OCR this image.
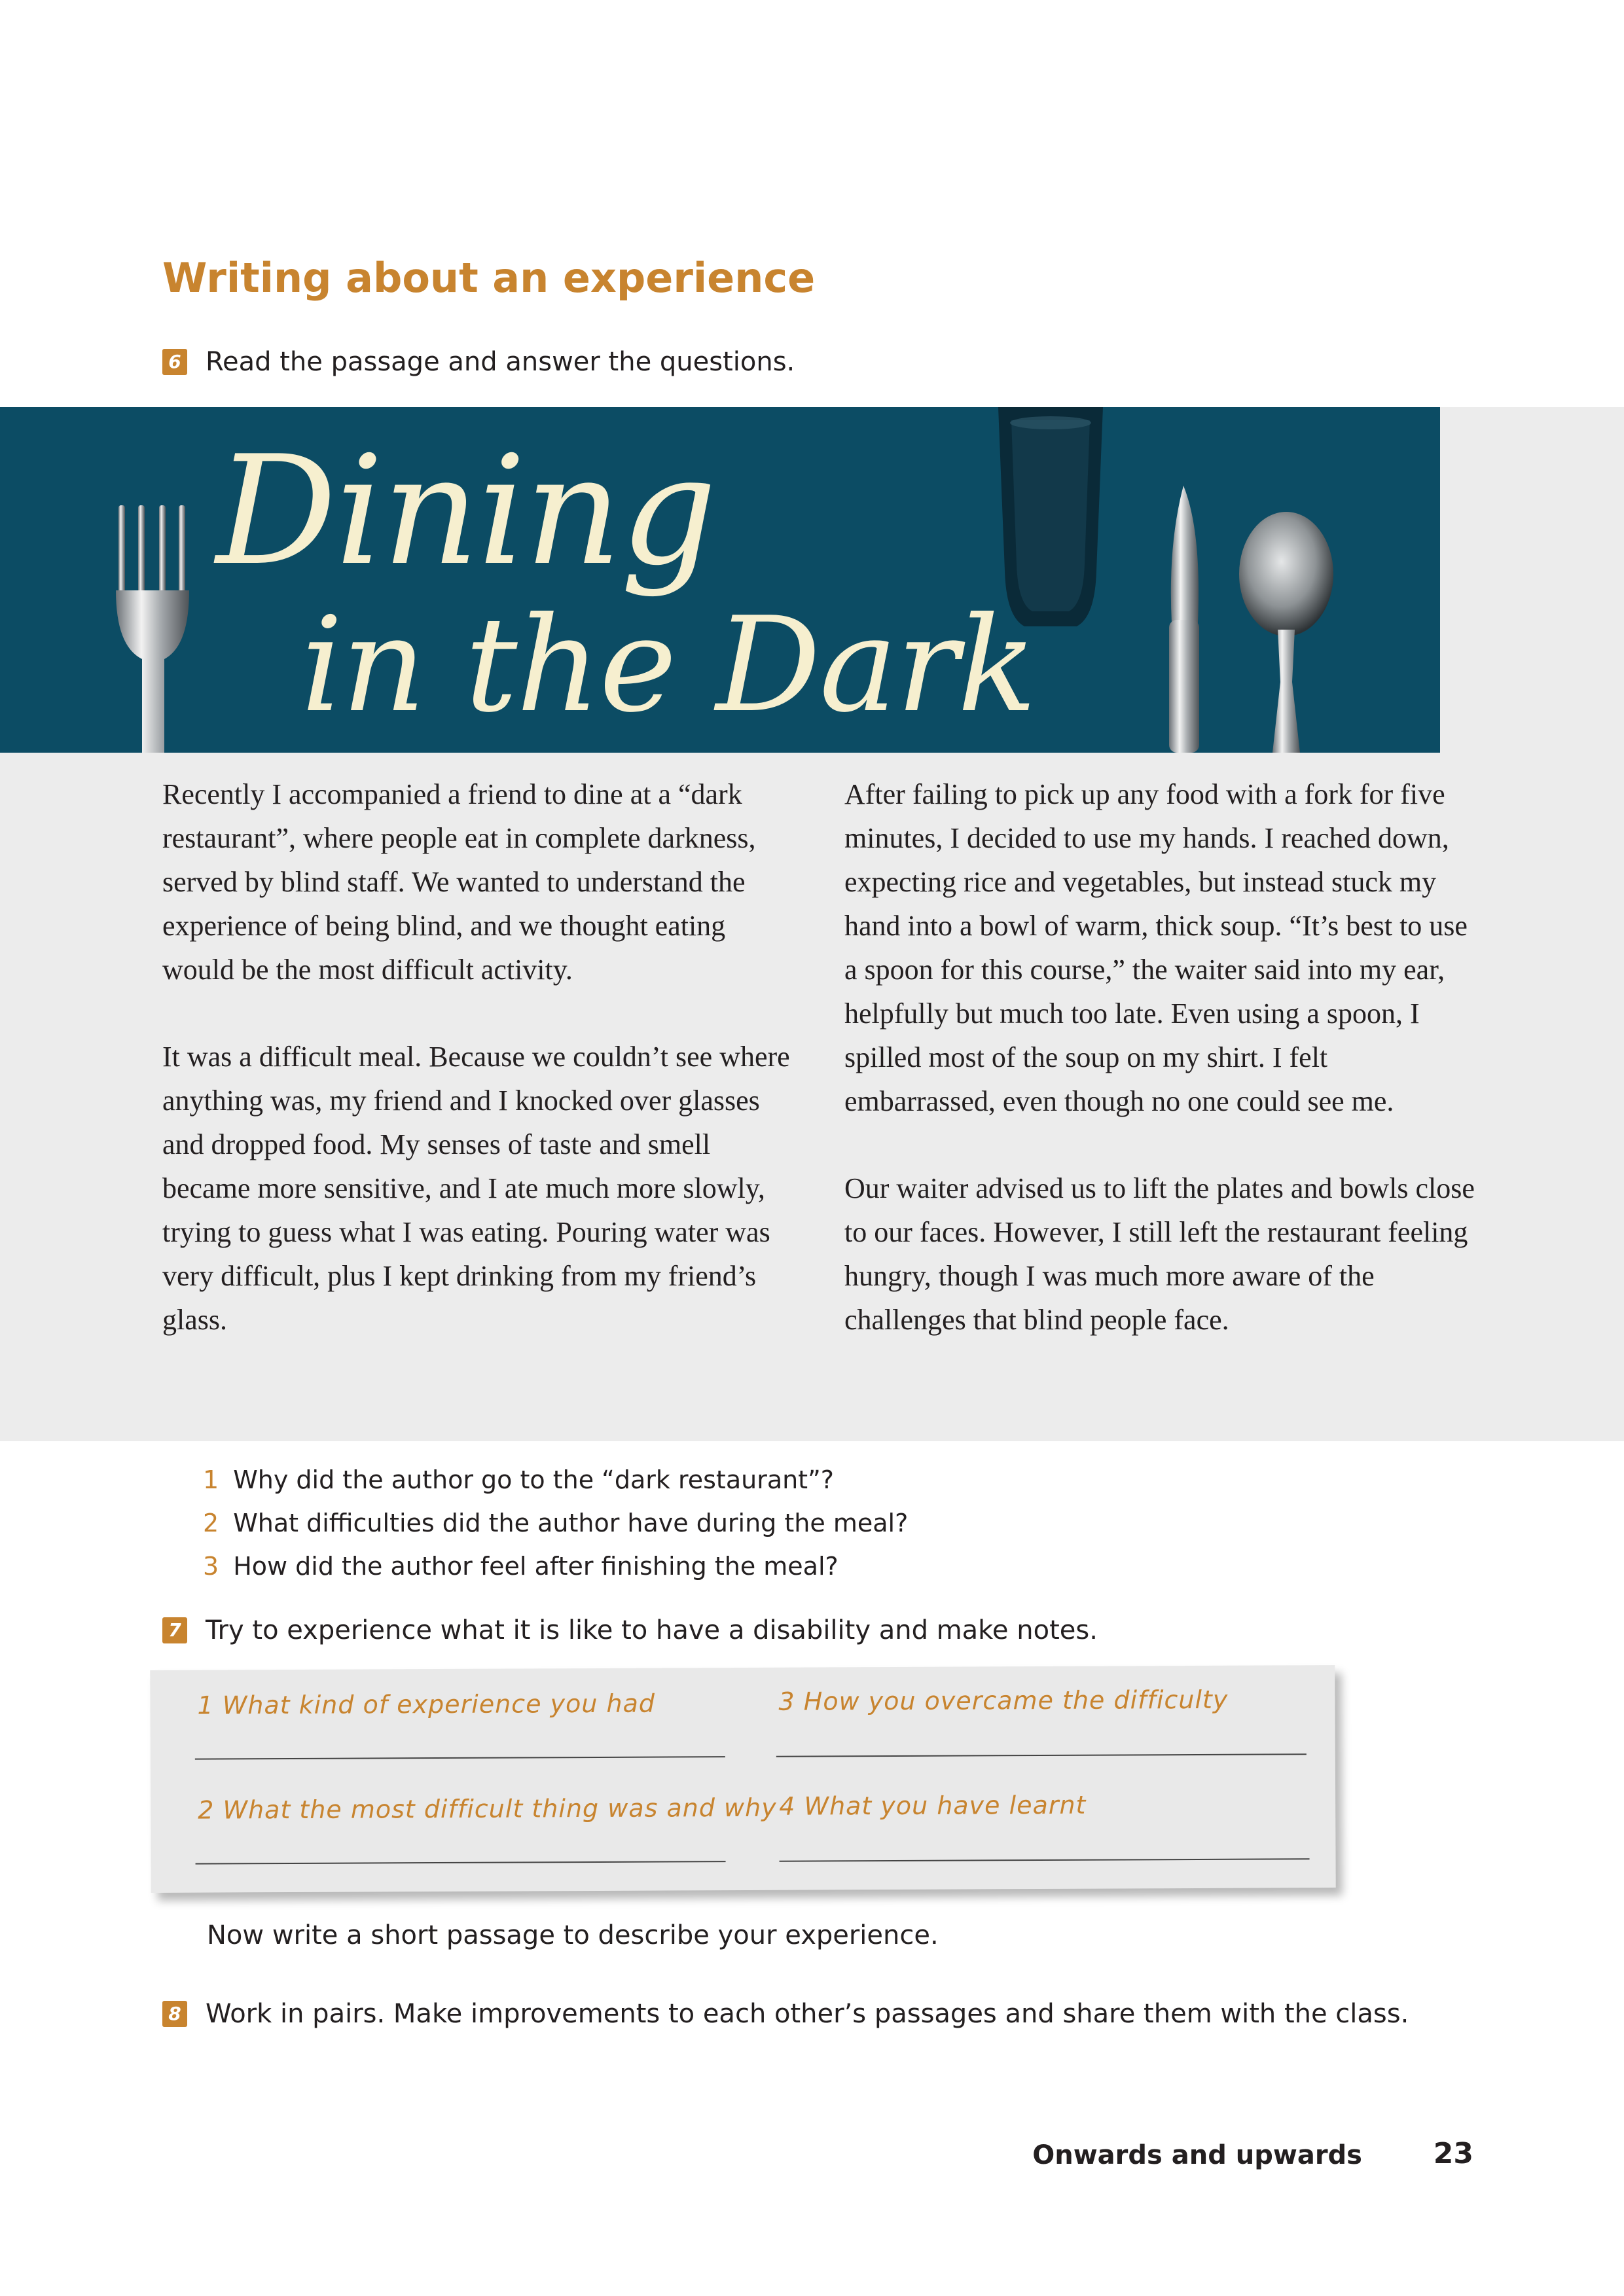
Writing about an experience
6 Read the passage and answer the questions.
Dining
in the Dark

Recently I accompanied a friend to dine at a “dark restaurant”, where people eat in complete darkness, served by blind staff. We wanted to understand the experience of being blind, and we thought eating would be the most difficult activity.

It was a difficult meal. Because we couldn’t see where anything was, my friend and I knocked over glasses and dropped food. My senses of taste and smell became more sensitive, and I ate much more slowly, trying to guess what I was eating. Pouring water was very difficult, plus I kept drinking from my friend’s glass.

After failing to pick up any food with a fork for five minutes, I decided to use my hands. I reached down, expecting rice and vegetables, but instead stuck my hand into a bowl of warm, thick soup. “It’s best to use a spoon for this course,” the waiter said into my ear, helpfully but much too late. Even using a spoon, I spilled most of the soup on my shirt. I felt embarrassed, even though no one could see me.

Our waiter advised us to lift the plates and bowls close to our faces. However, I still left the restaurant feeling hungry, though I was much more aware of the challenges that blind people face.

1 Why did the author go to the “dark restaurant”?
2 What difficulties did the author have during the meal?
3 How did the author feel after finishing the meal?
7 Try to experience what it is like to have a disability and make notes.
1 What kind of experience you had	3 How you overcame the difficulty
2 What the most difficult thing was and why 4 What you have learnt
Now write a short passage to describe your experience.
8 Work in pairs. Make improvements to each other’s passages and share them with the class.
Onwards and upwards 23
